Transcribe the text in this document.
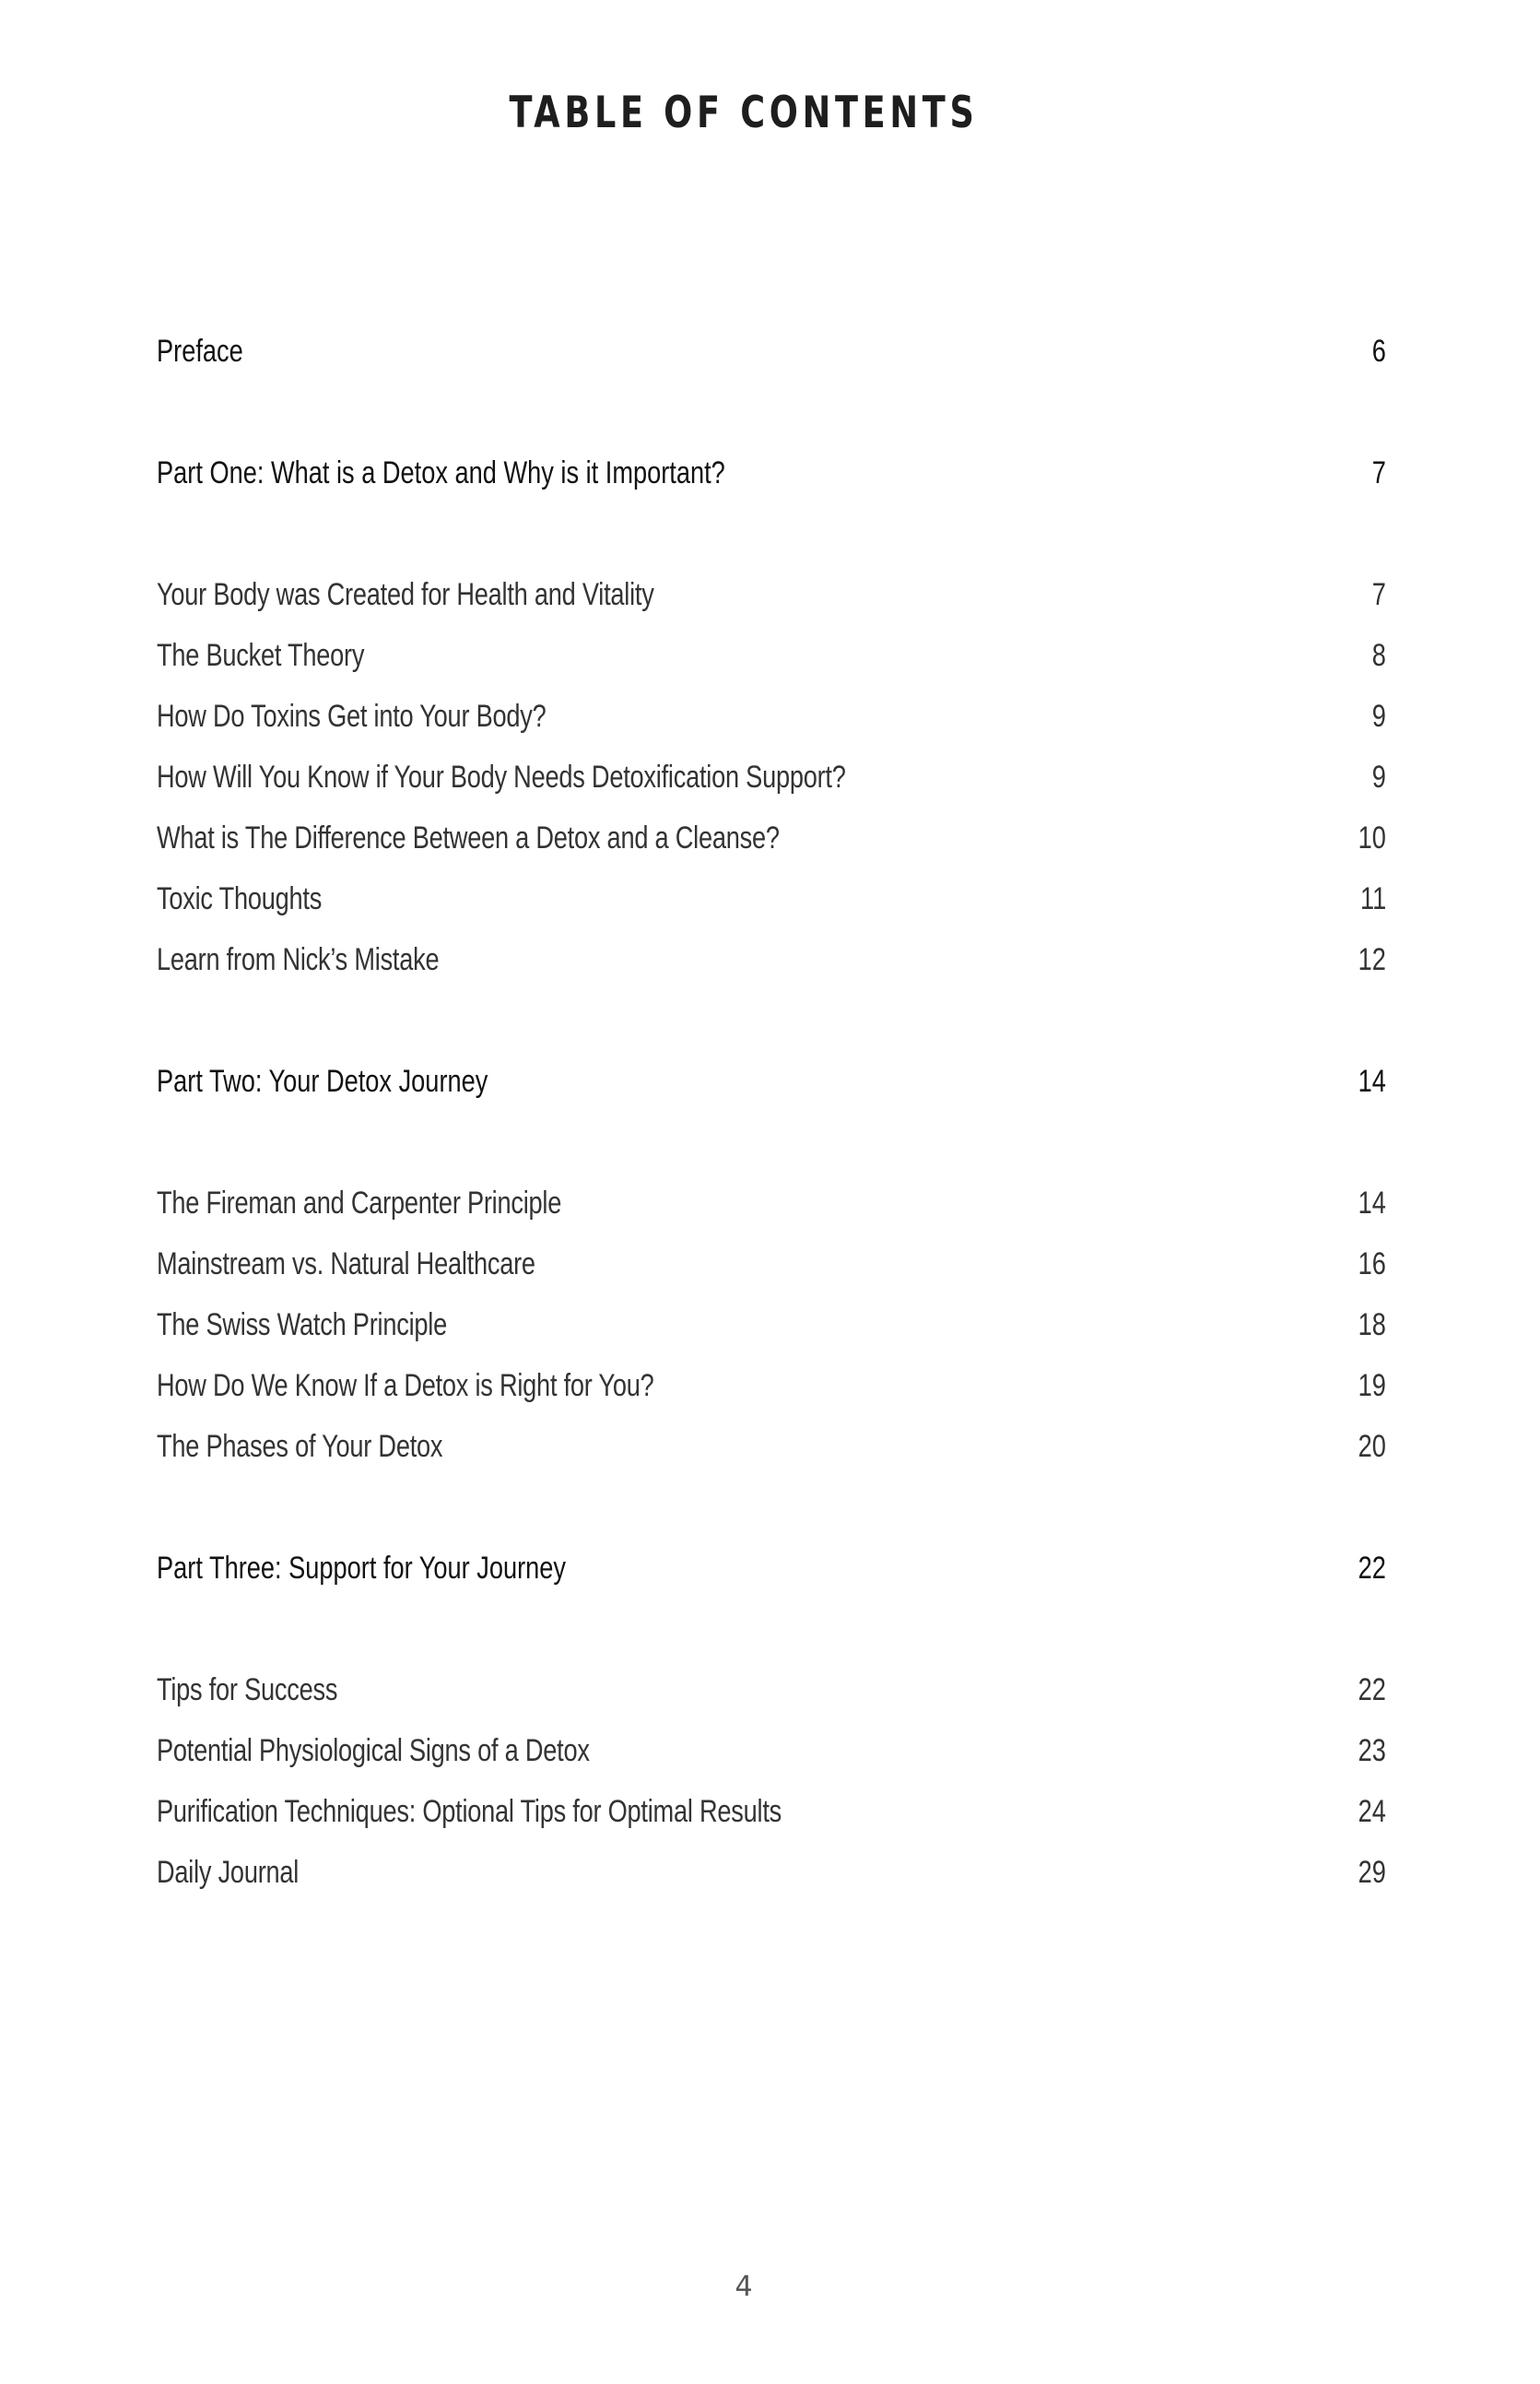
TABLE OF CONTENTS
Preface	6
Part One: What is a Detox and Why is it Important?	7
Your Body was Created for Health and Vitality	7
The Bucket Theory	8
How Do Toxins Get into Your Body?	9
How Will You Know if Your Body Needs Detoxification Support?	9
What is The Difference Between a Detox and a Cleanse?	10
Toxic Thoughts	11
Learn from Nick’s Mistake	12
Part Two: Your Detox Journey	14
The Fireman and Carpenter Principle	14
Mainstream vs. Natural Healthcare	16
The Swiss Watch Principle	18
How Do We Know If a Detox is Right for You?	19
The Phases of Your Detox	20
Part Three: Support for Your Journey	22
Tips for Success	22
Potential Physiological Signs of a Detox	23
Purification Techniques: Optional Tips for Optimal Results	24
Daily Journal	29
4
